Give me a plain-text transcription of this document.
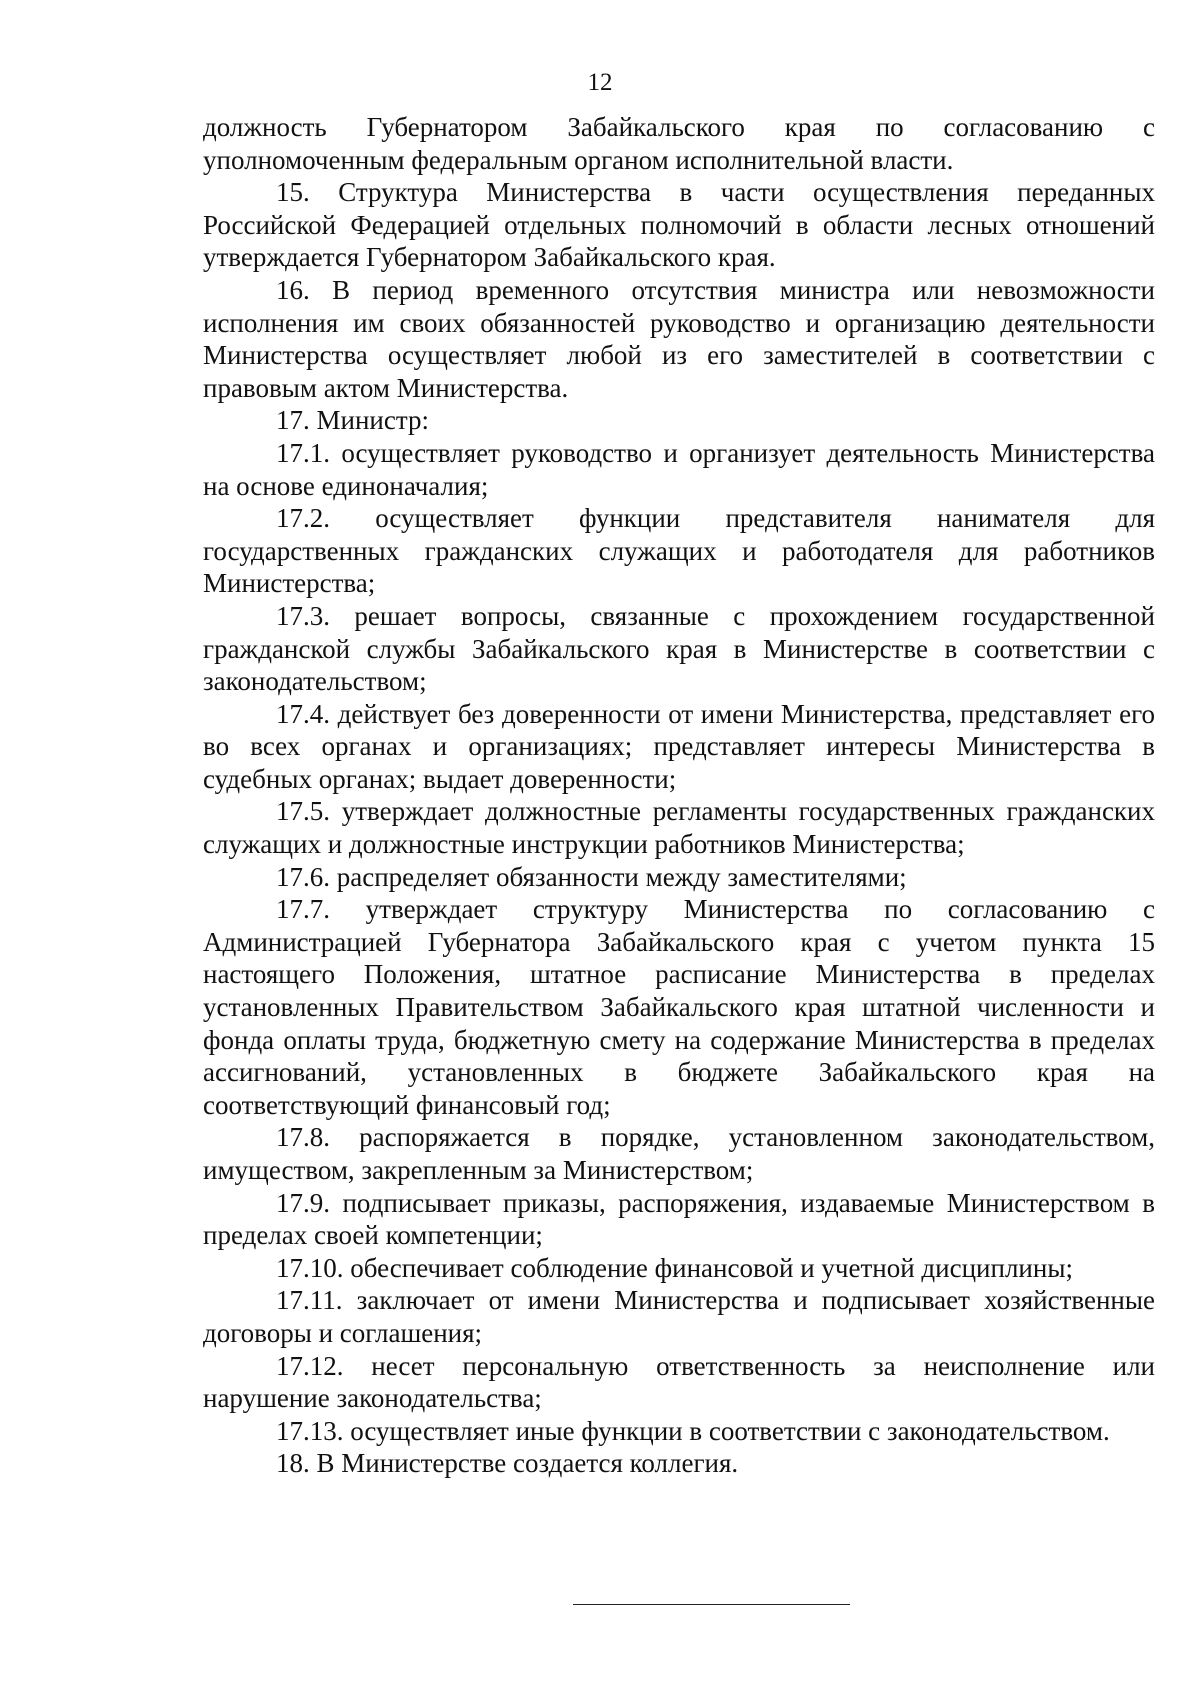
12

должность Губернатором Забайкальского края по согласованию с уполномоченным федеральным органом исполнительной власти.

15. Структура Министерства в части осуществления переданных Российской Федерацией отдельных полномочий в области лесных отношений утверждается Губернатором Забайкальского края.

16. В период временного отсутствия министра или невозможности исполнения им своих обязанностей руководство и организацию деятельности Министерства осуществляет любой из его заместителей в соответствии с правовым актом Министерства.

17. Министр:

17.1. осуществляет руководство и организует деятельность Министерства на основе единоначалия;

17.2. осуществляет функции представителя нанимателя для государственных гражданских служащих и работодателя для работников Министерства;

17.3. решает вопросы, связанные с прохождением государственной гражданской службы Забайкальского края в Министерстве в соответствии с законодательством;

17.4. действует без доверенности от имени Министерства, представляет его во всех органах и организациях; представляет интересы Министерства в судебных органах; выдает доверенности;

17.5. утверждает должностные регламенты государственных гражданских служащих и должностные инструкции работников Министерства;

17.6. распределяет обязанности между заместителями;

17.7. утверждает структуру Министерства по согласованию с Администрацией Губернатора Забайкальского края с учетом пункта 15 настоящего Положения, штатное расписание Министерства в пределах установленных Правительством Забайкальского края штатной численности и фонда оплаты труда, бюджетную смету на содержание Министерства в пределах ассигнований, установленных в бюджете Забайкальского края на соответствующий финансовый год;

17.8. распоряжается в порядке, установленном законодательством, имуществом, закрепленным за Министерством;

17.9. подписывает приказы, распоряжения, издаваемые Министерством в пределах своей компетенции;

17.10. обеспечивает соблюдение финансовой и учетной дисциплины;

17.11. заключает от имени Министерства и подписывает хозяйственные договоры и соглашения;

17.12. несет персональную ответственность за неисполнение или нарушение законодательства;

17.13. осуществляет иные функции в соответствии с законодательством.

18. В Министерстве создается коллегия.
